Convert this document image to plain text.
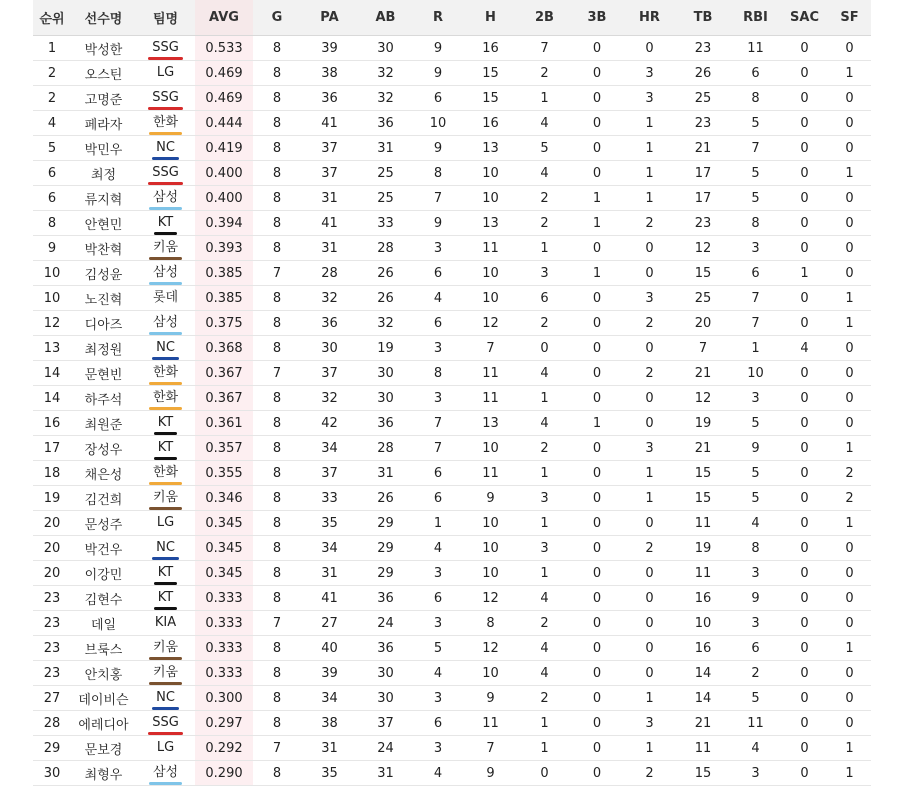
순위	선수명	팀명	AVG	G	PA	AB	R	H	2B	3B	HR	TB	RBI	SAC	SF
1	박성한	SSG	0.533	8	39	30	9	16	7	0	0	23	11	0	0
2	오스틴	LG	0.469	8	38	32	9	15	2	0	3	26	6	0	1
2	고명준	SSG	0.469	8	36	32	6	15	1	0	3	25	8	0	0
4	페라자	한화	0.444	8	41	36	10	16	4	0	1	23	5	0	0
5	박민우	NC	0.419	8	37	31	9	13	5	0	1	21	7	0	0
6	최정	SSG	0.400	8	37	25	8	10	4	0	1	17	5	0	1
6	류지혁	삼성	0.400	8	31	25	7	10	2	1	1	17	5	0	0
8	안현민	KT	0.394	8	41	33	9	13	2	1	2	23	8	0	0
9	박찬혁	키움	0.393	8	31	28	3	11	1	0	0	12	3	0	0
10	김성윤	삼성	0.385	7	28	26	6	10	3	1	0	15	6	1	0
10	노진혁	롯데	0.385	8	32	26	4	10	6	0	3	25	7	0	1
12	디아즈	삼성	0.375	8	36	32	6	12	2	0	2	20	7	0	1
13	최정원	NC	0.368	8	30	19	3	7	0	0	0	7	1	4	0
14	문현빈	한화	0.367	7	37	30	8	11	4	0	2	21	10	0	0
14	하주석	한화	0.367	8	32	30	3	11	1	0	0	12	3	0	0
16	최원준	KT	0.361	8	42	36	7	13	4	1	0	19	5	0	0
17	장성우	KT	0.357	8	34	28	7	10	2	0	3	21	9	0	1
18	채은성	한화	0.355	8	37	31	6	11	1	0	1	15	5	0	2
19	김건희	키움	0.346	8	33	26	6	9	3	0	1	15	5	0	2
20	문성주	LG	0.345	8	35	29	1	10	1	0	0	11	4	0	1
20	박건우	NC	0.345	8	34	29	4	10	3	0	2	19	8	0	0
20	이강민	KT	0.345	8	31	29	3	10	1	0	0	11	3	0	0
23	김현수	KT	0.333	8	41	36	6	12	4	0	0	16	9	0	0
23	데일	KIA	0.333	7	27	24	3	8	2	0	0	10	3	0	0
23	브룩스	키움	0.333	8	40	36	5	12	4	0	0	16	6	0	1
23	안치홍	키움	0.333	8	39	30	4	10	4	0	0	14	2	0	0
27	데이비슨	NC	0.300	8	34	30	3	9	2	0	1	14	5	0	0
28	에레디아	SSG	0.297	8	38	37	6	11	1	0	3	21	11	0	0
29	문보경	LG	0.292	7	31	24	3	7	1	0	1	11	4	0	1
30	최형우	삼성	0.290	8	35	31	4	9	0	0	2	15	3	0	1
